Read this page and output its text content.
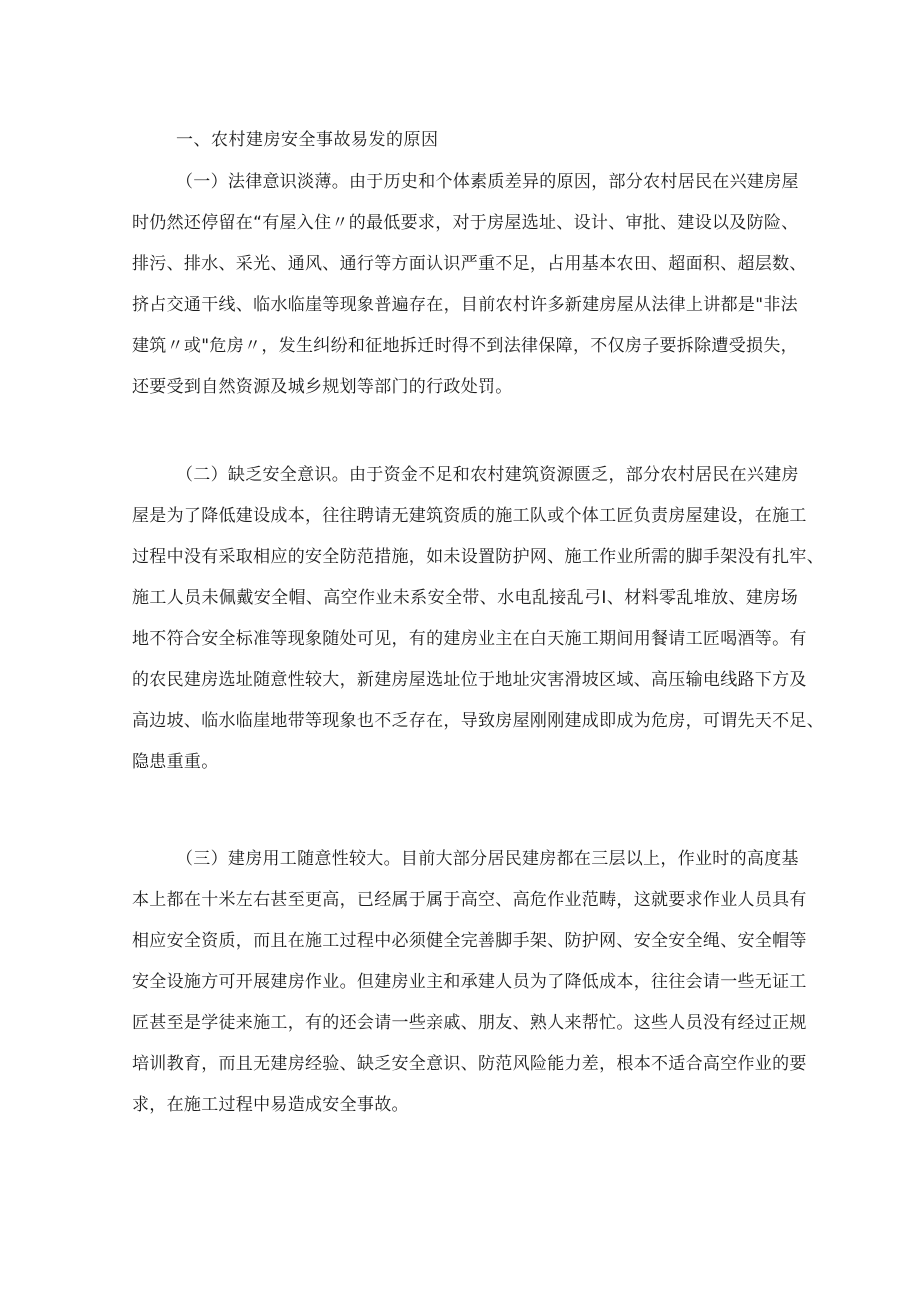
一、农村建房安全事故易发的原因
（一）法律意识淡薄。由于历史和个体素质差异的原因，部分农村居民在兴建房屋
时仍然还停留在“有屋入住〃的最低要求，对于房屋选址、设计、审批、建设以及防险、
排污、排水、采光、通风、通行等方面认识严重不足，占用基本农田、超面积、超层数、
挤占交通干线、临水临崖等现象普遍存在，目前农村许多新建房屋从法律上讲都是"非法
建筑〃或"危房〃，发生纠纷和征地拆迁时得不到法律保障，不仅房子要拆除遭受损失，
还要受到自然资源及城乡规划等部门的行政处罚。
（二）缺乏安全意识。由于资金不足和农村建筑资源匮乏，部分农村居民在兴建房
屋是为了降低建设成本，往往聘请无建筑资质的施工队或个体工匠负责房屋建设，在施工
过程中没有采取相应的安全防范措施，如未设置防护网、施工作业所需的脚手架没有扎牢、
施工人员未佩戴安全帽、高空作业未系安全带、水电乱接乱弓Ⅰ、材料零乱堆放、建房场
地不符合安全标准等现象随处可见，有的建房业主在白天施工期间用餐请工匠喝酒等。有
的农民建房选址随意性较大，新建房屋选址位于地址灾害滑坡区域、高压输电线路下方及
高边坡、临水临崖地带等现象也不乏存在，导致房屋刚刚建成即成为危房，可谓先天不足、
隐患重重。
（三）建房用工随意性较大。目前大部分居民建房都在三层以上，作业时的高度基
本上都在十米左右甚至更高，已经属于属于高空、高危作业范畴，这就要求作业人员具有
相应安全资质，而且在施工过程中必须健全完善脚手架、防护网、安全安全绳、安全帽等
安全设施方可开展建房作业。但建房业主和承建人员为了降低成本，往往会请一些无证工
匠甚至是学徒来施工，有的还会请一些亲戚、朋友、熟人来帮忙。这些人员没有经过正规
培训教育，而且无建房经验、缺乏安全意识、防范风险能力差，根本不适合高空作业的要
求，在施工过程中易造成安全事故。
